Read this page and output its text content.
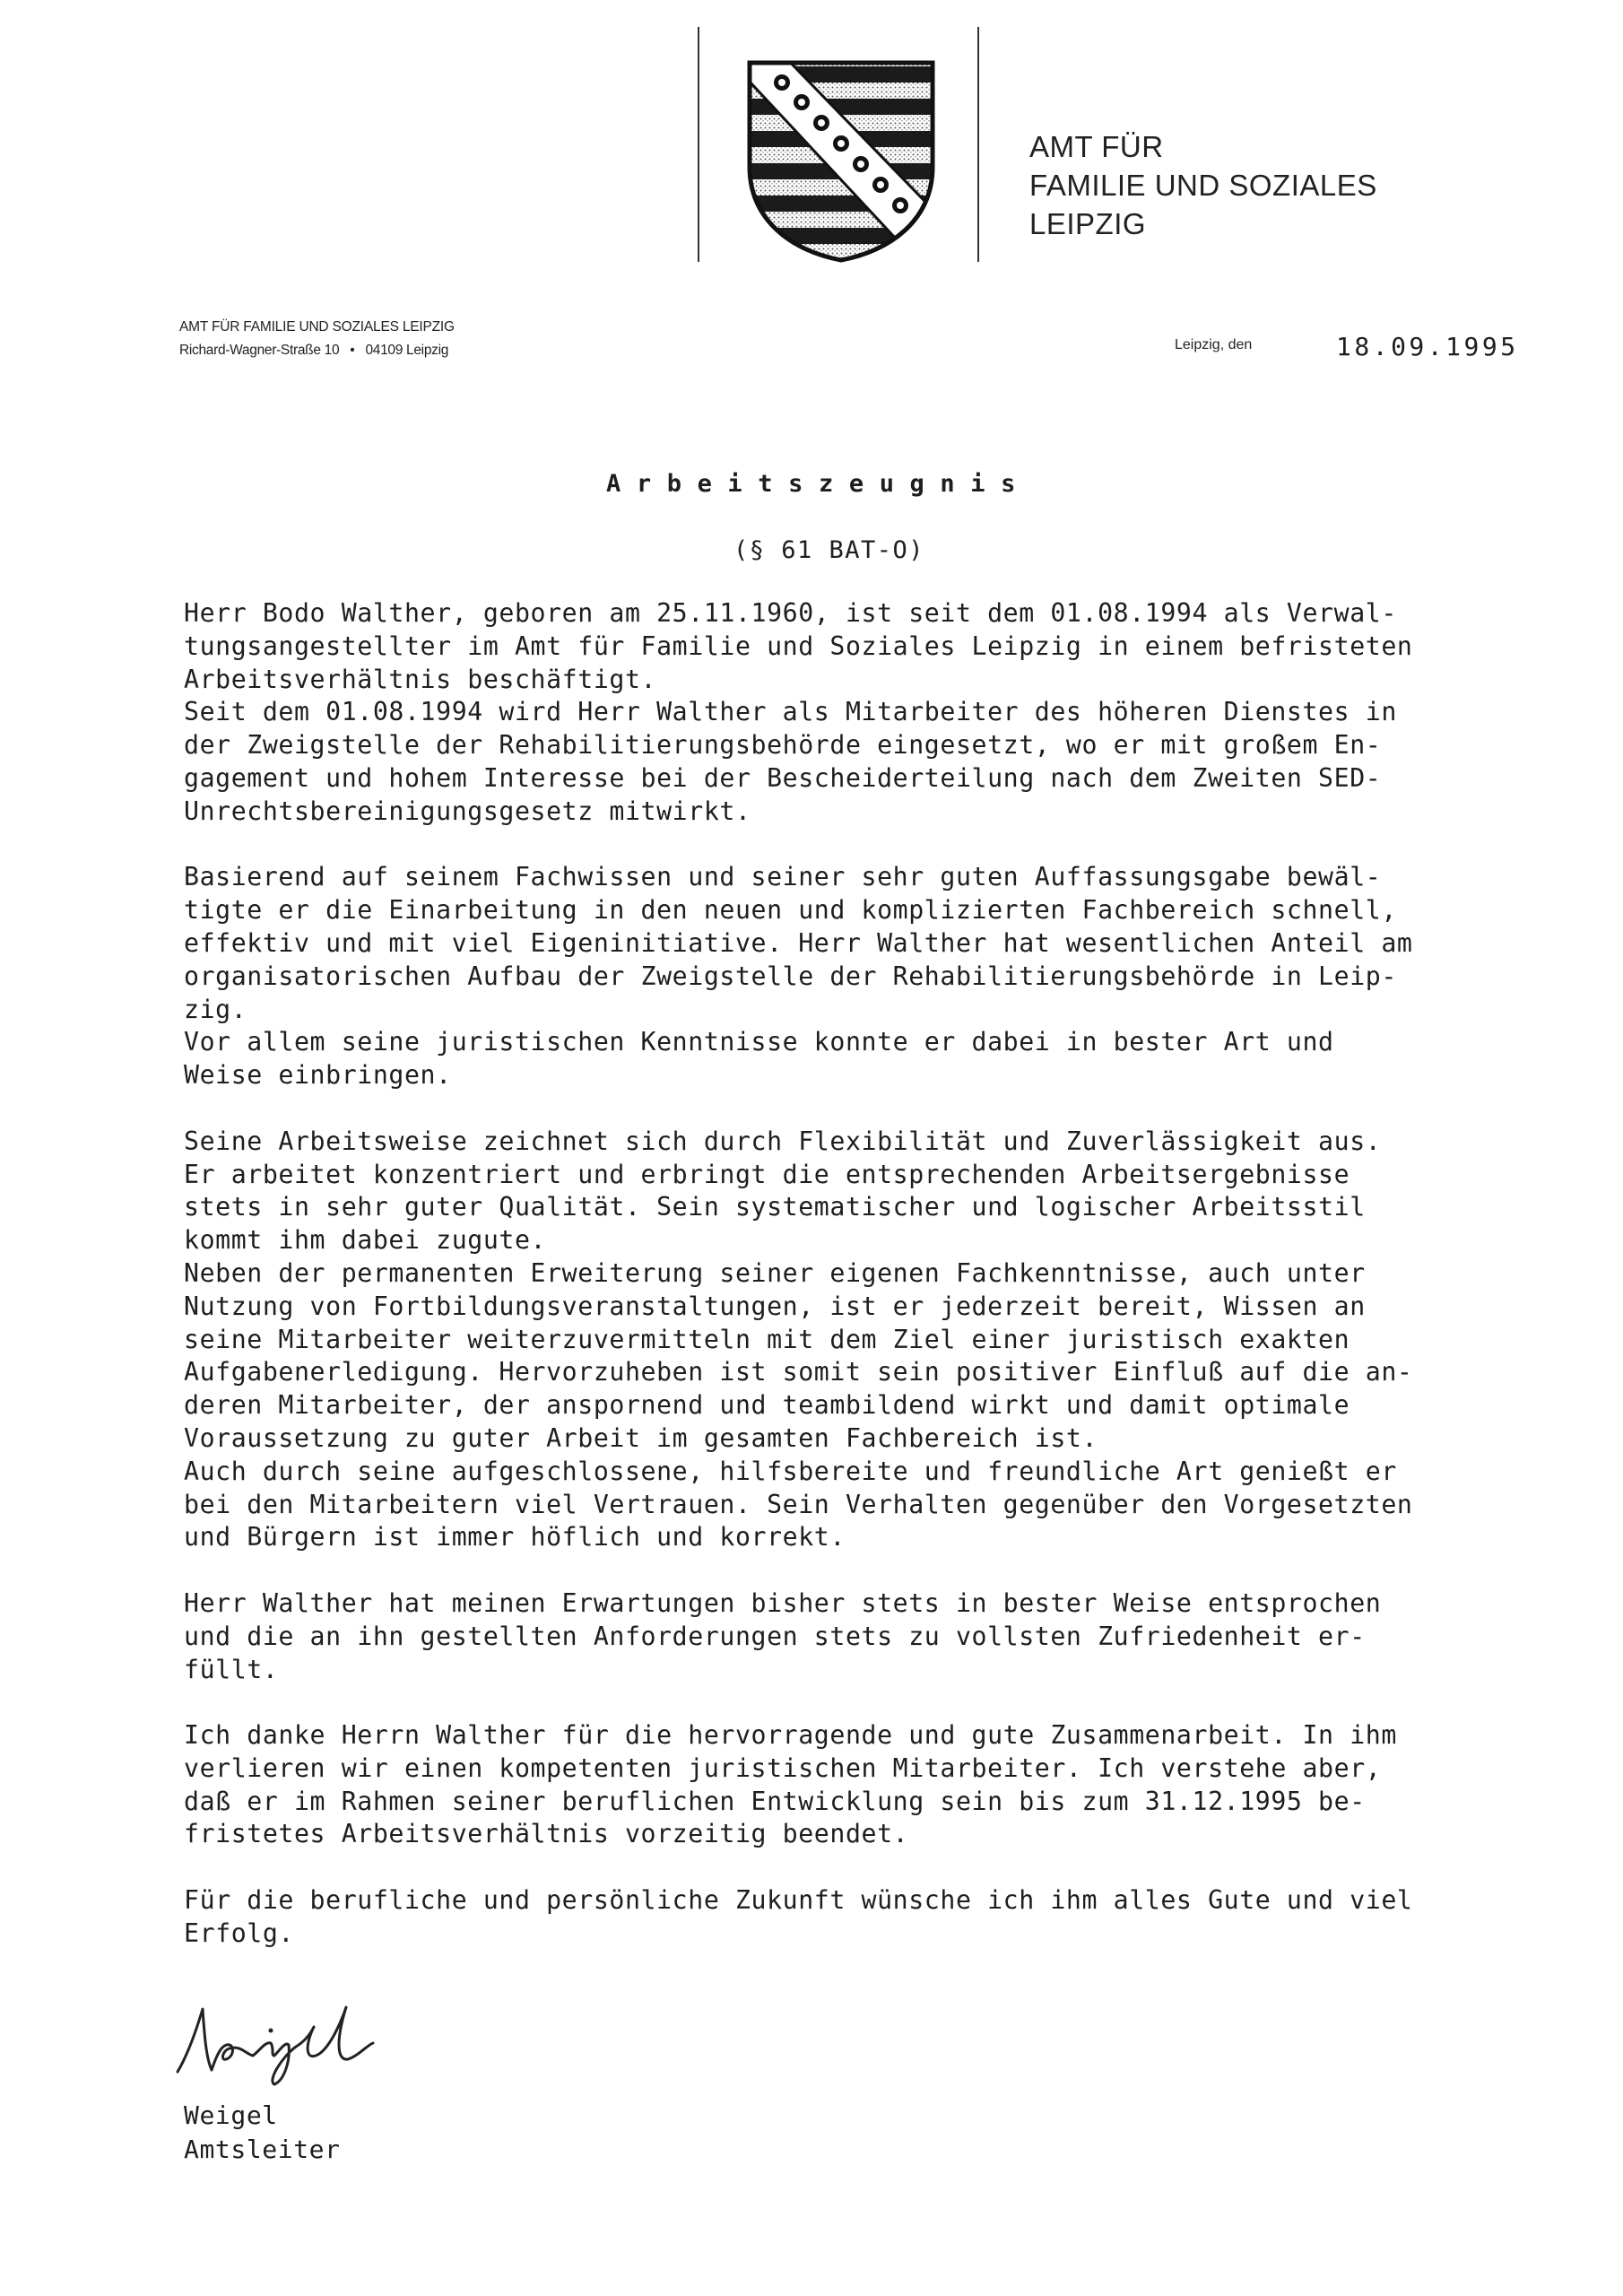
AMT FÜR
FAMILIE UND SOZIALES
LEIPZIG
AMT FÜR FAMILIE UND SOZIALES LEIPZIG
Richard-Wagner-Straße 10 • 04109 Leipzig	Leipzig, den	18.09.1995
Arbeitszeugnis
(§ 61 BAT-O)
Herr Bodo Walther, geboren am 25.11.1960, ist seit dem 01.08.1994 als Verwal-
tungsangestellter im Amt für Familie und Soziales Leipzig in einem befristeten
Arbeitsverhältnis beschäftigt.
Seit dem 01.08.1994 wird Herr Walther als Mitarbeiter des höheren Dienstes in
der Zweigstelle der Rehabilitierungsbehörde eingesetzt, wo er mit großem En-
gagement und hohem Interesse bei der Bescheiderteilung nach dem Zweiten SED-
Unrechtsbereinigungsgesetz mitwirkt.
Basierend auf seinem Fachwissen und seiner sehr guten Auffassungsgabe bewäl-
tigte er die Einarbeitung in den neuen und komplizierten Fachbereich schnell,
effektiv und mit viel Eigeninitiative. Herr Walther hat wesentlichen Anteil am
organisatorischen Aufbau der Zweigstelle der Rehabilitierungsbehörde in Leip-
zig.
Vor allem seine juristischen Kenntnisse konnte er dabei in bester Art und
Weise einbringen.
Seine Arbeitsweise zeichnet sich durch Flexibilität und Zuverlässigkeit aus.
Er arbeitet konzentriert und erbringt die entsprechenden Arbeitsergebnisse
stets in sehr guter Qualität. Sein systematischer und logischer Arbeitsstil
kommt ihm dabei zugute.
Neben der permanenten Erweiterung seiner eigenen Fachkenntnisse, auch unter
Nutzung von Fortbildungsveranstaltungen, ist er jederzeit bereit, Wissen an
seine Mitarbeiter weiterzuvermitteln mit dem Ziel einer juristisch exakten
Aufgabenerledigung. Hervorzuheben ist somit sein positiver Einfluß auf die an-
deren Mitarbeiter, der anspornend und teambildend wirkt und damit optimale
Voraussetzung zu guter Arbeit im gesamten Fachbereich ist.
Auch durch seine aufgeschlossene, hilfsbereite und freundliche Art genießt er
bei den Mitarbeitern viel Vertrauen. Sein Verhalten gegenüber den Vorgesetzten
und Bürgern ist immer höflich und korrekt.
Herr Walther hat meinen Erwartungen bisher stets in bester Weise entsprochen
und die an ihn gestellten Anforderungen stets zu vollsten Zufriedenheit er-
füllt.
Ich danke Herrn Walther für die hervorragende und gute Zusammenarbeit. In ihm
verlieren wir einen kompetenten juristischen Mitarbeiter. Ich verstehe aber,
daß er im Rahmen seiner beruflichen Entwicklung sein bis zum 31.12.1995 be-
fristetes Arbeitsverhältnis vorzeitig beendet.
Für die berufliche und persönliche Zukunft wünsche ich ihm alles Gute und viel
Erfolg.
Weigel
Amtsleiter
